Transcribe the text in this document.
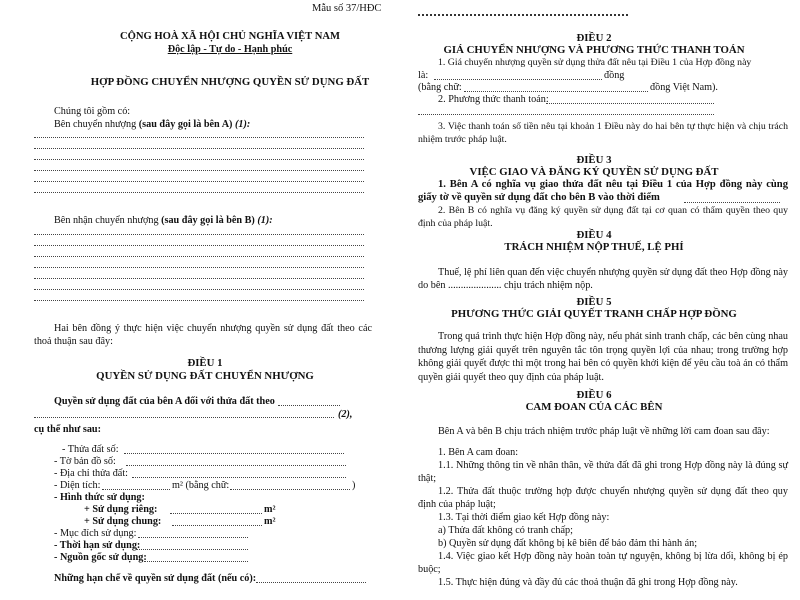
Mẫu số 37/HĐC
CỘNG HOÀ XÃ HỘI CHỦ NGHĨA VIỆT NAM
Độc lập - Tự do - Hạnh phúc
HỢP ĐỒNG CHUYỂN NHƯỢNG QUYỀN SỬ DỤNG ĐẤT
Chúng tôi gồm có:
Bên chuyển nhượng (sau đây gọi là bên A) (1):
Bên nhận chuyển nhượng (sau đây gọi là bên B) (1):
Hai bên đồng ý thực hiện việc chuyển nhượng quyền sử dụng đất theo các thoả thuận sau đây:
ĐIỀU 1
QUYỀN SỬ DỤNG ĐẤT CHUYỂN NHƯỢNG
Quyền sử dụng đất của bên A đối với thửa đất theo
(2),
cụ thể như sau:
- Thửa đất số:
- Tờ bản đồ số:
- Địa chỉ thửa đất:
- Diện tích:	m² (bằng chữ:	)
- Hình thức sử dụng:
+ Sử dụng riêng:	m²
+ Sử dụng chung:	m²
- Mục đích sử dụng:
- Thời hạn sử dụng:
- Nguồn gốc sử dụng:
Những hạn chế về quyền sử dụng đất (nếu có):
ĐIỀU 2
GIÁ CHUYỂN NHƯỢNG VÀ PHƯƠNG THỨC THANH TOÁN
1. Giá chuyển nhượng quyền sử dụng thửa đất nêu tại Điều 1 của Hợp đồng này
là:	đồng
(bằng chữ:	đồng Việt Nam).
2. Phương thức thanh toán:
3. Việc thanh toán số tiền nêu tại khoản 1 Điều này do hai bên tự thực hiện và chịu trách nhiệm trước pháp luật.
ĐIỀU 3
VIỆC GIAO VÀ ĐĂNG KÝ QUYỀN SỬ DỤNG ĐẤT
1. Bên A có nghĩa vụ giao thửa đất nêu tại Điều 1 của Hợp đồng này cùng giấy tờ về quyền sử dụng đất cho bên B vào thời điểm
2. Bên B có nghĩa vụ đăng ký quyền sử dụng đất tại cơ quan có thẩm quyền theo quy định của pháp luật.
ĐIỀU 4
TRÁCH NHIỆM NỘP THUẾ, LỆ PHÍ
Thuế, lệ phí liên quan đến việc chuyển nhượng quyền sử dụng đất theo Hợp đồng này do bên ..................... chịu trách nhiệm nộp.
ĐIỀU 5
PHƯƠNG THỨC GIẢI QUYẾT TRANH CHẤP HỢP ĐỒNG
Trong quá trình thực hiện Hợp đồng này, nếu phát sinh tranh chấp, các bên cùng nhau thương lượng giải quyết trên nguyên tắc tôn trọng quyền lợi của nhau; trong trường hợp không giải quyết được thì một trong hai bên có quyền khởi kiện để yêu cầu toà án có thẩm quyền giải quyết theo quy định của pháp luật.
ĐIỀU 6
CAM ĐOAN CỦA CÁC BÊN
Bên A và bên B chịu trách nhiệm trước pháp luật về những lời cam đoan sau đây:
1. Bên A cam đoan:
1.1. Những thông tin về nhân thân, về thửa đất đã ghi trong Hợp đồng này là đúng sự thật;
1.2. Thửa đất thuộc trường hợp được chuyển nhượng quyền sử dụng đất theo quy định của pháp luật;
1.3. Tại thời điểm giao kết Hợp đồng này:
a) Thửa đất không có tranh chấp;
b) Quyền sử dụng đất không bị kê biên để bảo đảm thi hành án;
1.4. Việc giao kết Hợp đồng này hoàn toàn tự nguyện, không bị lừa dối, không bị ép buộc;
1.5. Thực hiện đúng và đầy đủ các thoả thuận đã ghi trong Hợp đồng này.
